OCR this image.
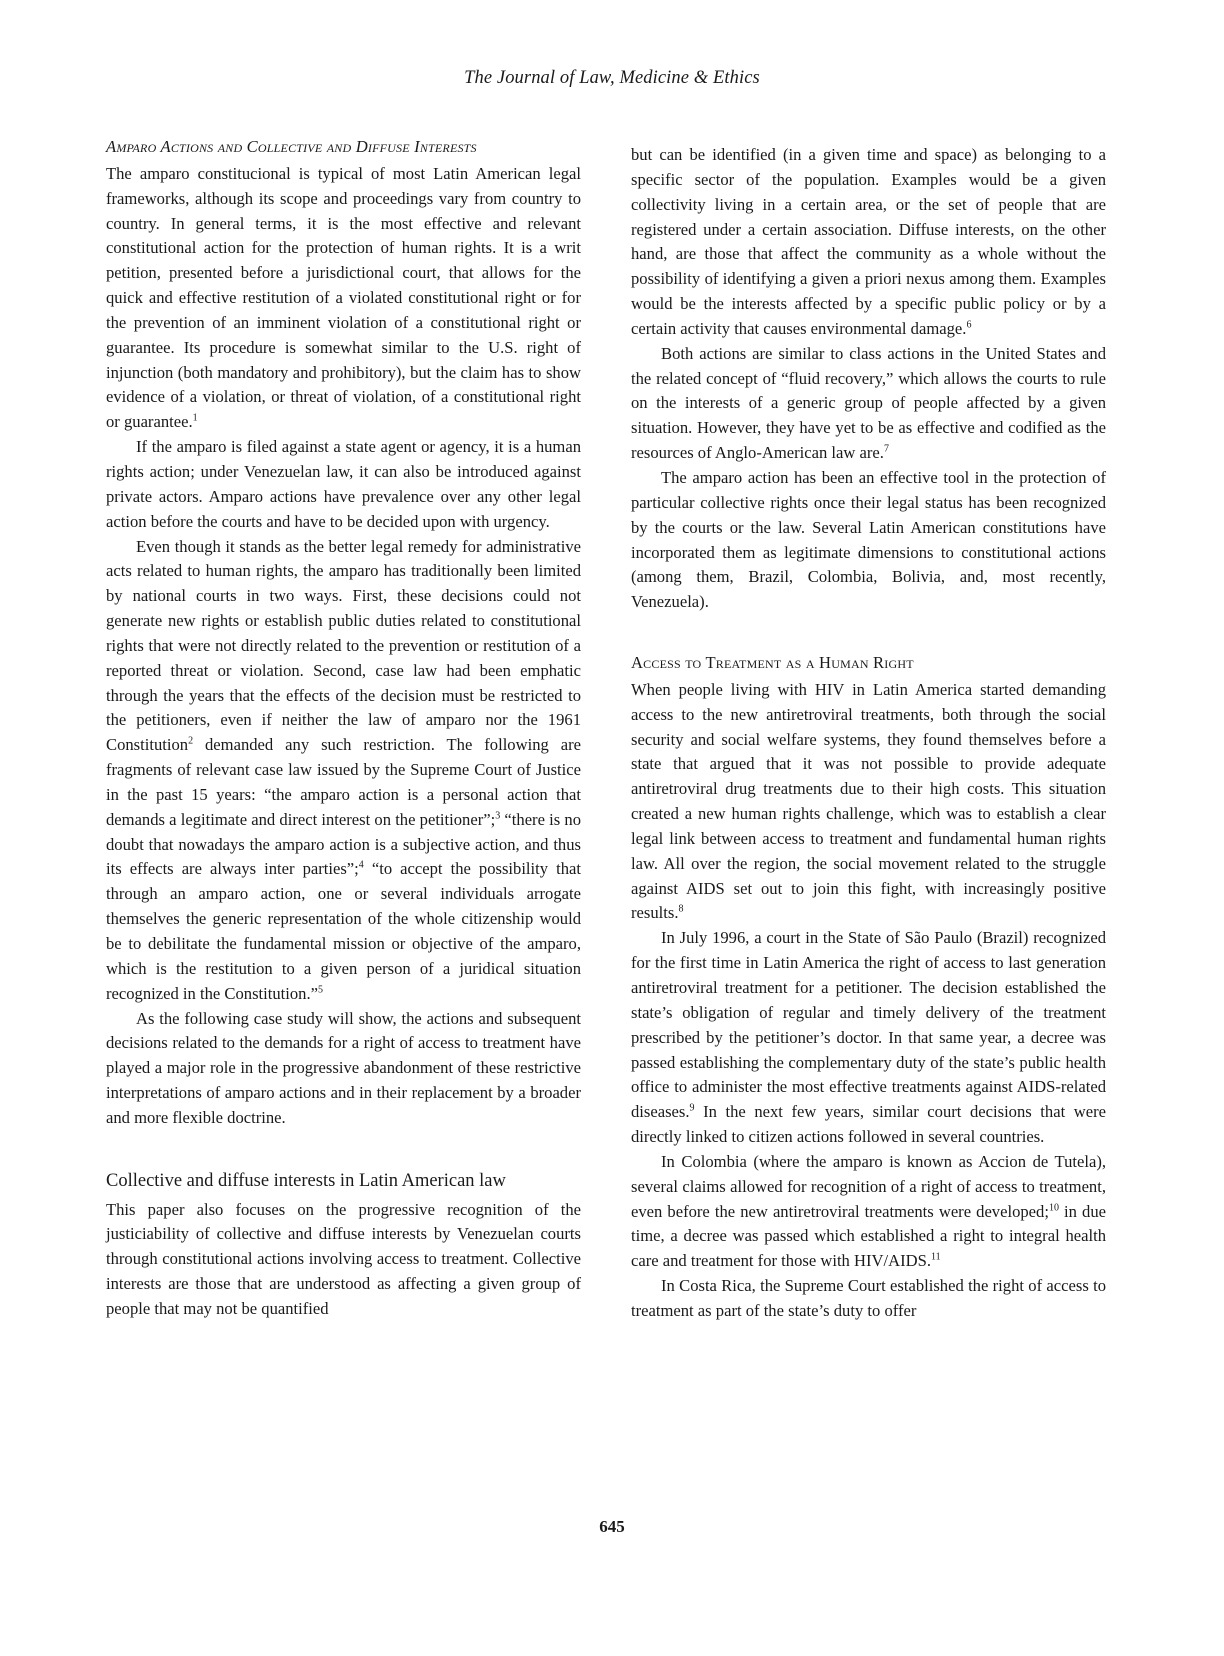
The Journal of Law, Medicine & Ethics
Amparo Actions and Collective and Diffuse Interests

The amparo constitucional is typical of most Latin American legal frameworks, although its scope and proceedings vary from country to country. In general terms, it is the most effective and relevant constitutional action for the protection of human rights. It is a writ petition, presented before a jurisdictional court, that allows for the quick and effective restitution of a violated constitutional right or for the prevention of an imminent violation of a constitutional right or guarantee. Its procedure is somewhat similar to the U.S. right of injunction (both mandatory and prohibitory), but the claim has to show evidence of a violation, or threat of violation, of a constitutional right or guarantee.$^1$

If the amparo is filed against a state agent or agency, it is a human rights action; under Venezuelan law, it can also be introduced against private actors. Amparo actions have prevalence over any other legal action before the courts and have to be decided upon with urgency.

Even though it stands as the better legal remedy for administrative acts related to human rights, the amparo has traditionally been limited by national courts in two ways. First, these decisions could not generate new rights or establish public duties related to constitutional rights that were not directly related to the prevention or restitution of a reported threat or violation. Second, case law had been emphatic through the years that the effects of the decision must be restricted to the petitioners, even if neither the law of amparo nor the 1961 Constitution$^2$ demanded any such restriction. The following are fragments of relevant case law issued by the Supreme Court of Justice in the past 15 years: “the amparo action is a personal action that demands a legitimate and direct interest on the petitioner”;$^3$ “there is no doubt that nowadays the amparo action is a subjective action, and thus its effects are always inter parties”;$^4$ “to accept the possibility that through an amparo action, one or several individuals arrogate themselves the generic representation of the whole citizenship would be to debilitate the fundamental mission or objective of the amparo, which is the restitution to a given person of a juridical situation recognized in the Constitution.”$^5$

As the following case study will show, the actions and subsequent decisions related to the demands for a right of access to treatment have played a major role in the progressive abandonment of these restrictive interpretations of amparo actions and in their replacement by a broader and more flexible doctrine.

Collective and diffuse interests in Latin American law

This paper also focuses on the progressive recognition of the justiciability of collective and diffuse interests by Venezuelan courts through constitutional actions involving access to treatment. Collective interests are those that are understood as affecting a given group of people that may not be quantified

but can be identified (in a given time and space) as belonging to a specific sector of the population. Examples would be a given collectivity living in a certain area, or the set of people that are registered under a certain association. Diffuse interests, on the other hand, are those that affect the community as a whole without the possibility of identifying a given a priori nexus among them. Examples would be the interests affected by a specific public policy or by a certain activity that causes environmental damage.$^6$

Both actions are similar to class actions in the United States and the related concept of “fluid recovery,” which allows the courts to rule on the interests of a generic group of people affected by a given situation. However, they have yet to be as effective and codified as the resources of Anglo-American law are.$^7$

The amparo action has been an effective tool in the protection of particular collective rights once their legal status has been recognized by the courts or the law. Several Latin American constitutions have incorporated them as legitimate dimensions to constitutional actions (among them, Brazil, Colombia, Bolivia, and, most recently, Venezuela).

Access to Treatment as a Human Right

When people living with HIV in Latin America started demanding access to the new antiretroviral treatments, both through the social security and social welfare systems, they found themselves before a state that argued that it was not possible to provide adequate antiretroviral drug treatments due to their high costs. This situation created a new human rights challenge, which was to establish a clear legal link between access to treatment and fundamental human rights law. All over the region, the social movement related to the struggle against AIDS set out to join this fight, with increasingly positive results.$^8$

In July 1996, a court in the State of São Paulo (Brazil) recognized for the first time in Latin America the right of access to last generation antiretroviral treatment for a petitioner. The decision established the state’s obligation of regular and timely delivery of the treatment prescribed by the petitioner’s doctor. In that same year, a decree was passed establishing the complementary duty of the state’s public health office to administer the most effective treatments against AIDS-related diseases.$^9$ In the next few years, similar court decisions that were directly linked to citizen actions followed in several countries.

In Colombia (where the amparo is known as Accion de Tutela), several claims allowed for recognition of a right of access to treatment, even before the new antiretroviral treatments were developed;$^{10}$ in due time, a decree was passed which established a right to integral health care and treatment for those with HIV/AIDS.$^{11}$

In Costa Rica, the Supreme Court established the right of access to treatment as part of the state’s duty to offer

645
